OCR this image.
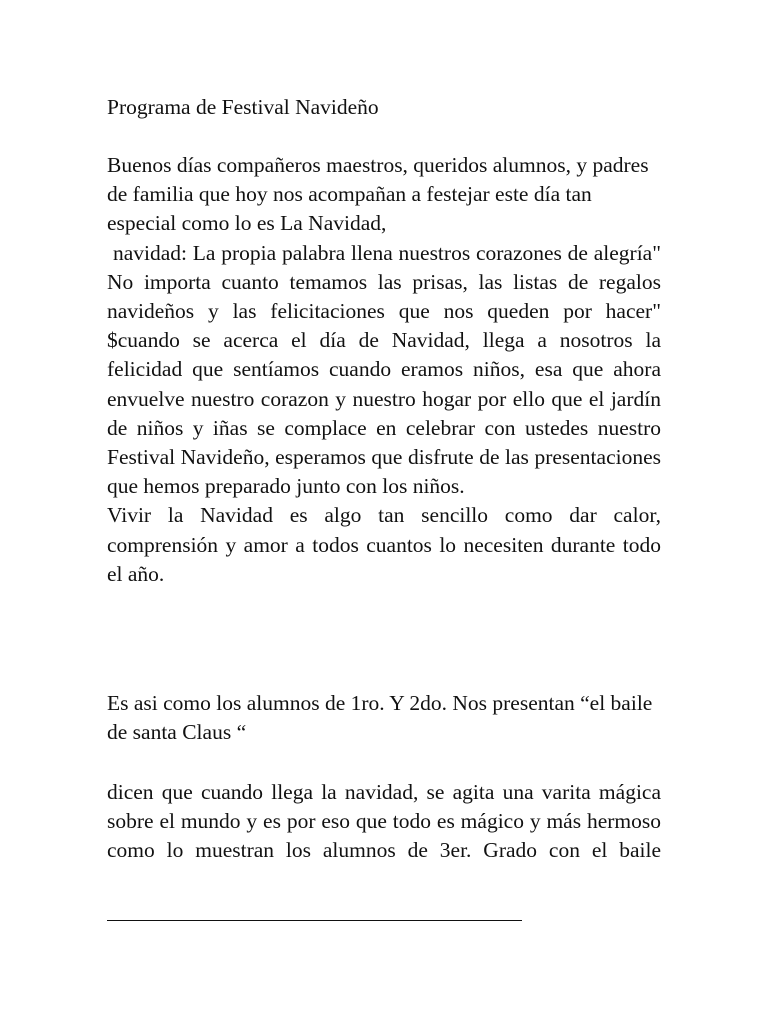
Programa de Festival Navideño
Buenos días compañeros maestros, queridos alumnos, y padres de familia que hoy nos acompañan a festejar este día tan especial como lo es La Navidad,
navidad: La propia palabra llena nuestros corazones de alegría" No importa cuanto temamos las prisas, las listas de regalos navideños y las felicitaciones que nos queden por hacer" $cuando se acerca el día de Navidad, llega a nosotros la felicidad que sentíamos cuando eramos niños, esa que ahora envuelve nuestro corazon y nuestro hogar por ello que el jardín de niños y iñas se complace en celebrar con ustedes nuestro Festival Navideño, esperamos que disfrute de las presentaciones que hemos preparado junto con los niños.
Vivir la Navidad es algo tan sencillo como dar calor, comprensión y amor a todos cuantos lo necesiten durante todo el año.
Es asi como los alumnos de 1ro. Y 2do. Nos presentan “el baile de santa Claus “
dicen que cuando llega la navidad, se agita una varita mágica sobre el mundo y es por eso que todo es mágico y más hermoso como lo muestran los alumnos de 3er. Grado con el baile
